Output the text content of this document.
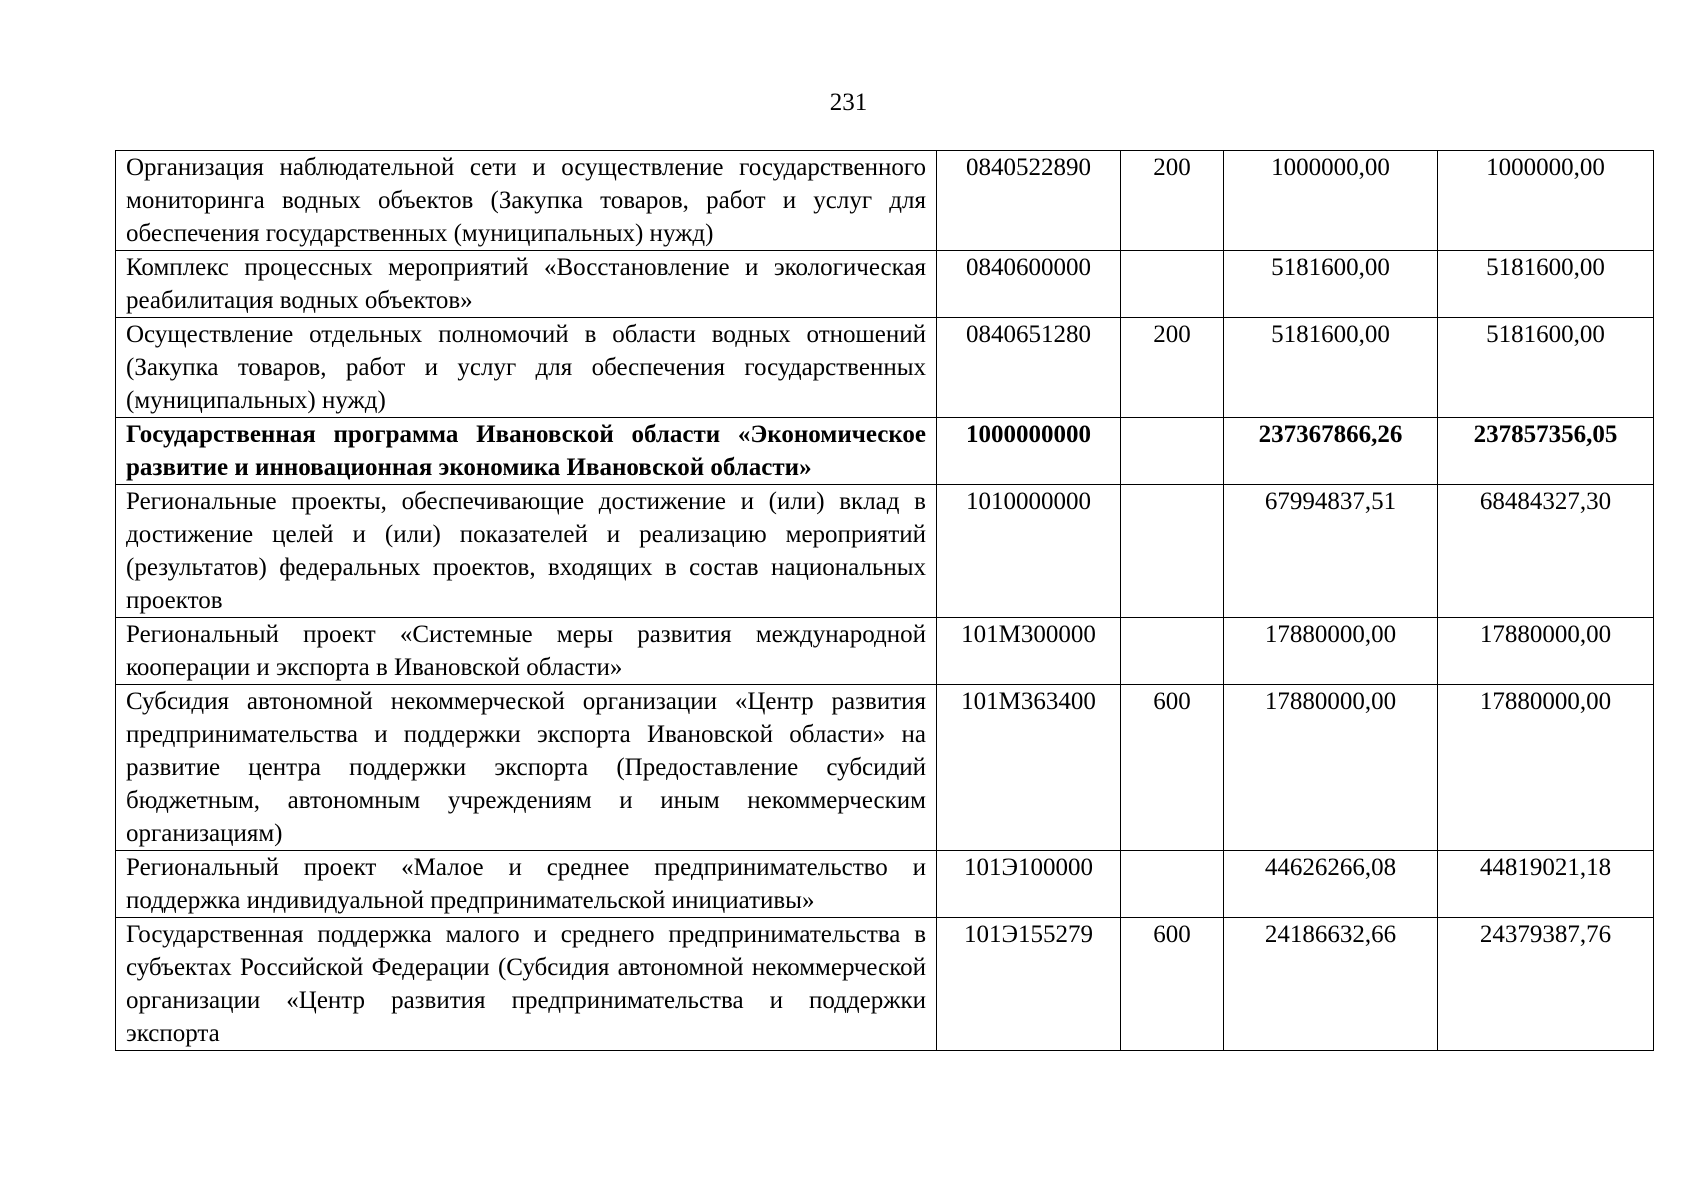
231
Организация наблюдательной сети и осуществление государственного мониторинга водных объектов (Закупка товаров, работ и услуг для обеспечения государственных (муниципальных) нужд)	0840522890	200	1000000,00	1000000,00
Комплекс процессных мероприятий «Восстановление и экологическая реабилитация водных объектов»	0840600000		5181600,00	5181600,00
Осуществление отдельных полномочий в области водных отношений (Закупка товаров, работ и услуг для обеспечения государственных (муниципальных) нужд)	0840651280	200	5181600,00	5181600,00
Государственная программа Ивановской области «Экономическое развитие и инновационная экономика Ивановской области»	1000000000		237367866,26	237857356,05
Региональные проекты, обеспечивающие достижение и (или) вклад в достижение целей и (или) показателей и реализацию мероприятий (результатов) федеральных проектов, входящих в состав национальных проектов	1010000000		67994837,51	68484327,30
Региональный проект «Системные меры развития международной кооперации и экспорта в Ивановской области»	101М300000		17880000,00	17880000,00
Субсидия автономной некоммерческой организации «Центр развития предпринимательства и поддержки экспорта Ивановской области» на развитие центра поддержки экспорта (Предоставление субсидий бюджетным, автономным учреждениям и иным некоммерческим организациям)	101М363400	600	17880000,00	17880000,00
Региональный проект «Малое и среднее предпринимательство и поддержка индивидуальной предпринимательской инициативы»	101Э100000		44626266,08	44819021,18
Государственная поддержка малого и среднего предпринимательства в субъектах Российской Федерации (Субсидия автономной некоммерческой организации «Центр развития предпринимательства и поддержки экспорта	101Э155279	600	24186632,66	24379387,76
